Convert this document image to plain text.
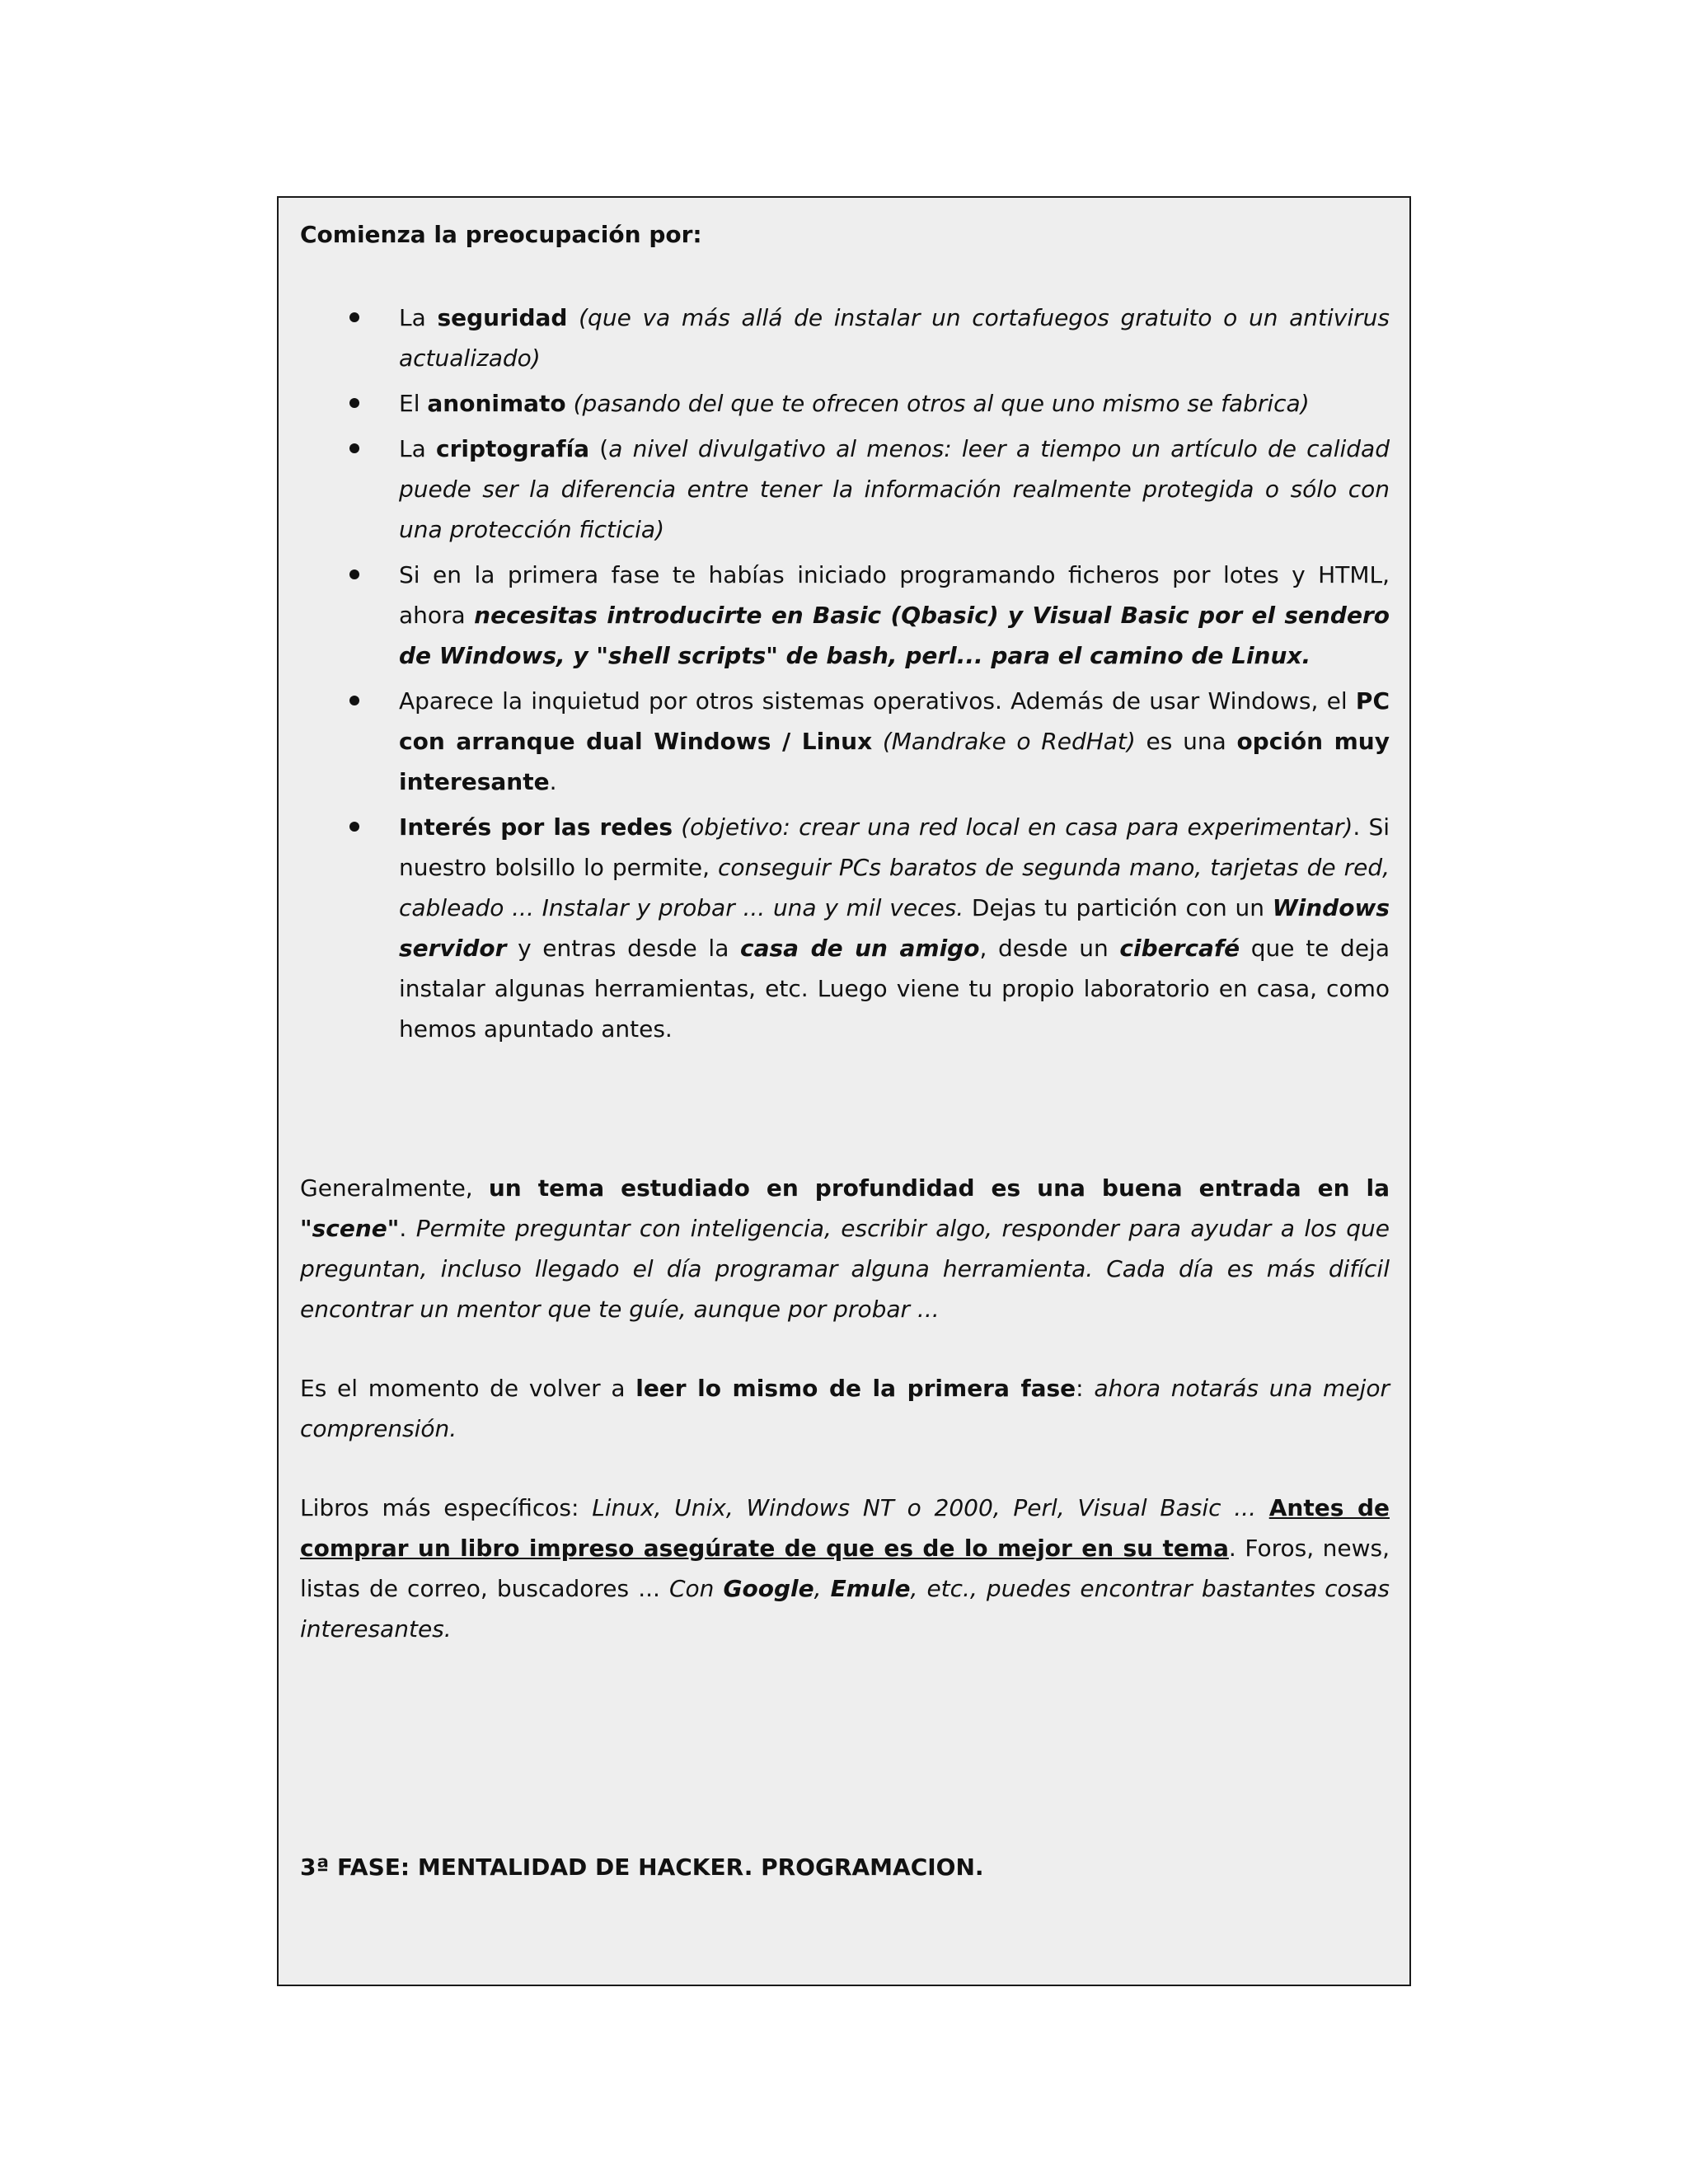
Comienza la preocupación por:

La seguridad (que va más allá de instalar un cortafuegos gratuito o un antivirus actualizado)
El anonimato (pasando del que te ofrecen otros al que uno mismo se fabrica)
La criptografía (a nivel divulgativo al menos: leer a tiempo un artículo de calidad puede ser la diferencia entre tener la información realmente protegida o sólo con una protección ficticia)
Si en la primera fase te habías iniciado programando ficheros por lotes y HTML, ahora necesitas introducirte en Basic (Qbasic) y Visual Basic por el sendero de Windows, y "shell scripts" de bash, perl... para el camino de Linux.
Aparece la inquietud por otros sistemas operativos. Además de usar Windows, el PC con arranque dual Windows / Linux (Mandrake o RedHat) es una opción muy interesante.
Interés por las redes (objetivo: crear una red local en casa para experimentar). Si nuestro bolsillo lo permite, conseguir PCs baratos de segunda mano, tarjetas de red, cableado ... Instalar y probar ... una y mil veces. Dejas tu partición con un Windows servidor y entras desde la casa de un amigo, desde un cibercafé que te deja instalar algunas herramientas, etc. Luego viene tu propio laboratorio en casa, como hemos apuntado antes.

Generalmente, un tema estudiado en profundidad es una buena entrada en la "scene". Permite preguntar con inteligencia, escribir algo, responder para ayudar a los que preguntan, incluso llegado el día programar alguna herramienta. Cada día es más difícil encontrar un mentor que te guíe, aunque por probar ...

Es el momento de volver a leer lo mismo de la primera fase: ahora notarás una mejor comprensión.

Libros más específicos: Linux, Unix, Windows NT o 2000, Perl, Visual Basic ... Antes de comprar un libro impreso asegúrate de que es de lo mejor en su tema. Foros, news, listas de correo, buscadores ... Con Google, Emule, etc., puedes encontrar bastantes cosas interesantes.

3ª FASE: MENTALIDAD DE HACKER. PROGRAMACION.
